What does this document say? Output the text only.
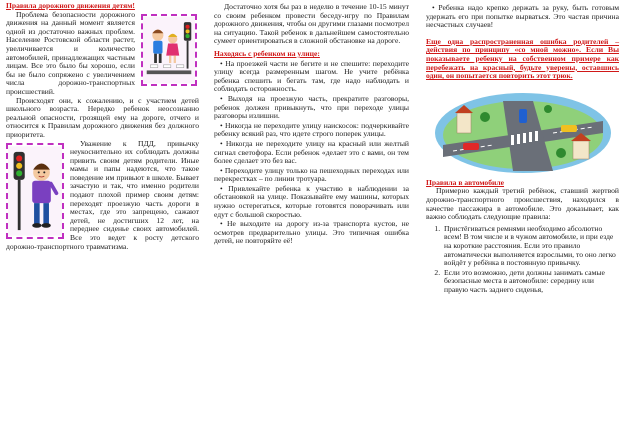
Правила дорожного движения детям!

Проблема безопасности дорожного движения на данный момент является одной из достаточно важных проблем. Население Ростовской области растет, увеличивается и количество автомобилей, принадлежащих частным лицам. Все это было бы хорошо, если бы не было сопряжено с увеличением числа дорожно-транспортных происшествий.

Происходят они, к сожалению, и с участием детей школьного возраста. Нередко ребенок неосознанно реальной опасности, грозящей ему на дороге, отчего и относится к Правилам дорожного движения без должного приоритета.

Уважение к ПДД, привычку неукоснительно их соблюдать должны привить своим детям родители. Иные мамы и папы надеются, что такое поведение им привьют в школе. Бывает зачастую и так, что именно родители подают плохой пример своим детям: переходят проезжую часть дороги в местах, где это запрещено, сажают детей, не достигших 12 лет, на переднее сиденье своих автомобилей. Все это ведет к росту детского дорожно-транспортного травматизма.

Достаточно хотя бы раз в неделю в течение 10-15 минут со своим ребенком провести беседу-игру по Правилам дорожного движения, чтобы он другими глазами посмотрел на ситуацию. Такой ребенок в дальнейшем самостоятельно сумеет ориентироваться в сложной обстановке на дороге.

Находясь с ребенком на улице:

• На проезжей части не бегите и не спешите: переходите улицу всегда размеренным шагом. Не учите ребёнка ребенка спешить и бегать там, где надо наблюдать и соблюдать осторожность.

• Выходя на проезжую часть, прекратите разговоры, ребенок должен привыкнуть, что при переходе улицы разговоры излишни.

• Никогда не переходите улицу наискосок: подчеркивайте ребенку всякий раз, что идете строго поперек улицы.

• Никогда не переходите улицу на красный или желтый сигнал светофора. Если ребенок «делает это с вами, он тем более сделает это без вас.

• Переходите улицу только на пешеходных переходах или перекрестках – по линии тротуара.

• Привлекайте ребенка к участию в наблюдении за обстановкой на улице. Показывайте ему машины, которых нужно остерегаться, которые готовятся поворачивать или едут с большой скоростью.

• Не выходите на дорогу из-за транспорта кустов, не осмотрев предварительно улицы. Это типичная ошибка детей, не повторяйте её!

• Ребенка надо крепко держать за руку, быть готовым удержать его при попытке вырваться. Это частая причина несчастных случаев!

Еще одна распространенная ошибка родителей – действия по принципу «со мной можно». Если Вы показываете ребенку на собственном примере как перебежать на красный, будьте уверены, оставшись один, он попытается повторить этот трюк.

Правила в автомобиле

Примерно каждый третий ребёнок, ставший жертвой дорожно-транспортного происшествия, находился в качестве пассажира в автомобиле. Это доказывает, как важно соблюдать следующие правила:

1. Пристёгиваться ремнями необходимо абсолютно всем! В том числе и в чужом автомобиле, и при езде на короткие расстояния. Если это правило автоматически выполняется взрослыми, то оно легко войдёт у ребёнка в постоянную привычку.
2. Если это возможно, дети должны занимать самые безопасные места в автомобиле: середину или правую часть заднего сиденья,
